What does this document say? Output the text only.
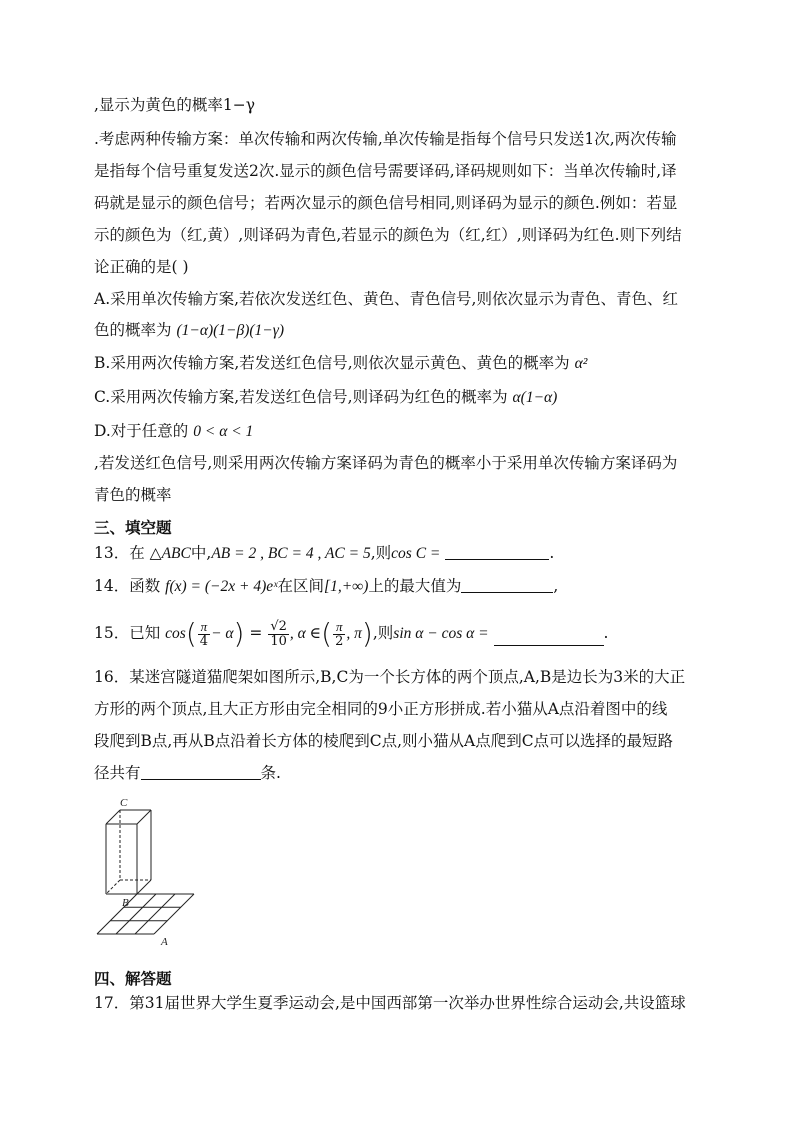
,显示为黄色的概率1−γ
.考虑两种传输方案：单次传输和两次传输,单次传输是指每个信号只发送1次,两次传输
是指每个信号重复发送2次.显示的颜色信号需要译码,译码规则如下：当单次传输时,译
码就是显示的颜色信号；若两次显示的颜色信号相同,则译码为显示的颜色.例如：若显
示的颜色为（红,黄）,则译码为青色,若显示的颜色为（红,红）,则译码为红色.则下列结
论正确的是( )
A.采用单次传输方案,若依次发送红色、黄色、青色信号,则依次显示为青色、青色、红
色的概率为 (1−α)(1−β)(1−γ)
B.采用两次传输方案,若发送红色信号,则依次显示黄色、黄色的概率为 α²
C.采用两次传输方案,若发送红色信号,则译码为红色的概率为 α(1−α)
D.对于任意的 0 < α < 1
,若发送红色信号,则采用两次传输方案译码为青色的概率小于采用单次传输方案译码为
青色的概率
三、填空题
13．在 △ABC中,AB = 2 , BC = 4 , AC = 5,则cos C =	.
14．函数 f(x) = (−2x + 4)eˣ在区间[1,+∞)上的最大值为	,
15．已知 $\cos( \frac{\pi}{4} - \alpha) = \frac{√2}{10}$ , α ∈( $\frac{\pi}{2}$ , π),则sin α − cos α =	.
16．某迷宫隧道猫爬架如图所示,B,C为一个长方体的两个顶点,A,B是边长为3米的大正
方形的两个顶点,且大正方形由完全相同的9小正方形拼成.若小猫从A点沿着图中的线
段爬到B点,再从B点沿着长方体的棱爬到C点,则小猫从A点爬到C点可以选择的最短路
径共有	条.
C
B
A
四、解答题
17．第31届世界大学生夏季运动会,是中国西部第一次举办世界性综合运动会,共设篮球
